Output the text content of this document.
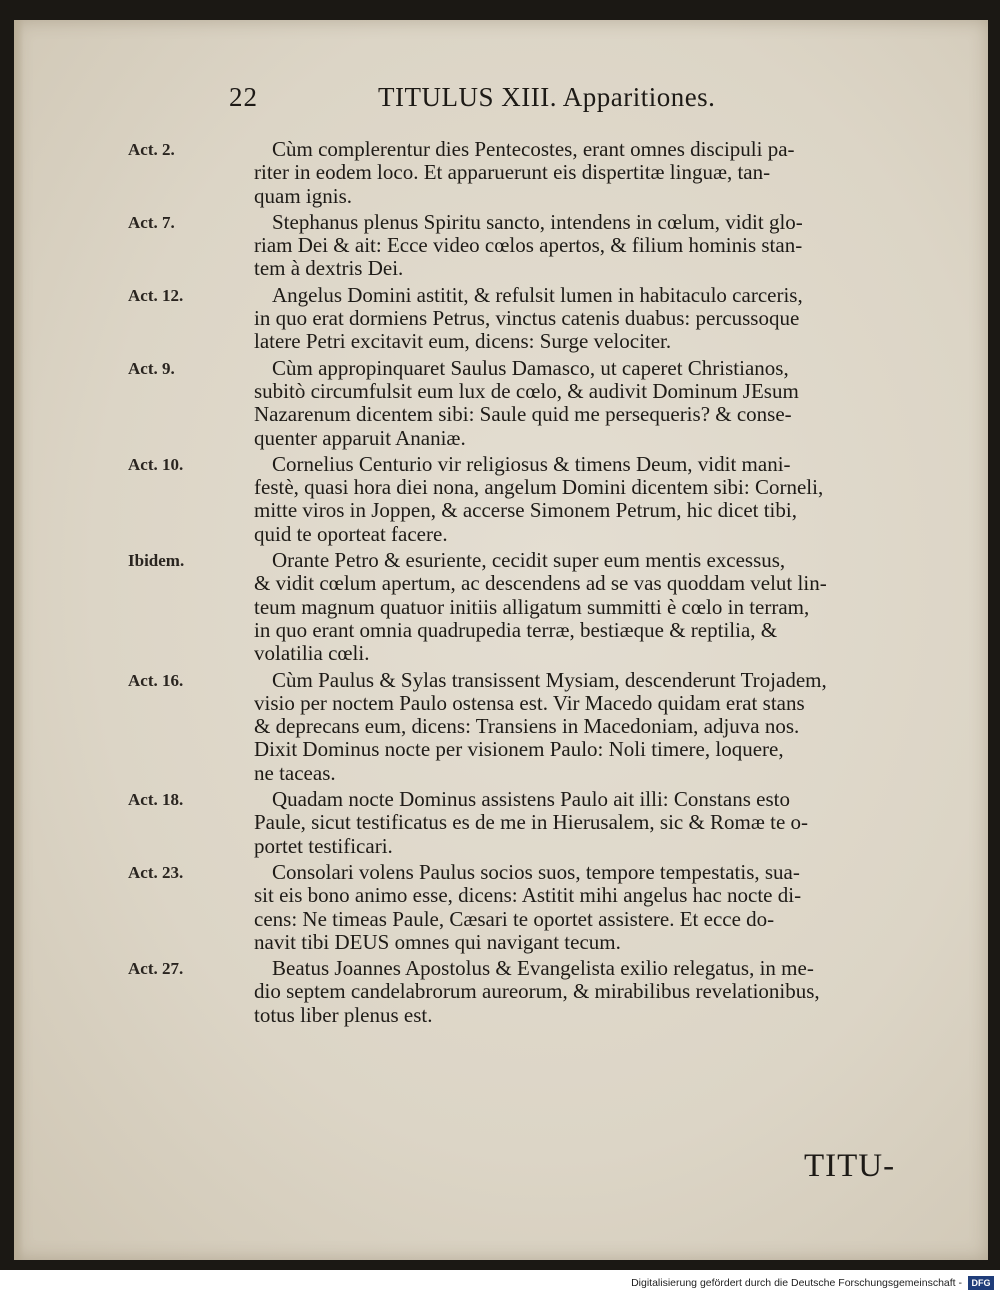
22	TITULUS XIII. Apparitiones.
Act. 2.	Cùm complerentur dies Pentecostes, erant omnes discipuli pa-
riter in eodem loco. Et apparuerunt eis dispertitæ linguæ, tan-
quam ignis.
Act. 7.	Stephanus plenus Spiritu sancto, intendens in cœlum, vidit glo-
riam Dei & ait: Ecce video cœlos apertos, & filium hominis stan-
tem à dextris Dei.
Act. 12.	Angelus Domini astitit, & refulsit lumen in habitaculo carceris,
in quo erat dormiens Petrus, vinctus catenis duabus: percussoque
latere Petri excitavit eum, dicens: Surge velociter.
Act. 9.	Cùm appropinquaret Saulus Damasco, ut caperet Christianos,
subitò circumfulsit eum lux de cœlo, & audivit Dominum JEsum
Nazarenum dicentem sibi: Saule quid me persequeris? & conse-
quenter apparuit Ananiæ.
Act. 10.	Cornelius Centurio vir religiosus & timens Deum, vidit mani-
festè, quasi hora diei nona, angelum Domini dicentem sibi: Corneli,
mitte viros in Joppen, & accerse Simonem Petrum, hic dicet tibi,
quid te oporteat facere.
Ibidem.	Orante Petro & esuriente, cecidit super eum mentis excessus,
& vidit cœlum apertum, ac descendens ad se vas quoddam velut lin-
teum magnum quatuor initiis alligatum summitti è cœlo in terram,
in quo erant omnia quadrupedia terræ, bestiæque & reptilia, &
volatilia cœli.
Act. 16.	Cùm Paulus & Sylas transissent Mysiam, descenderunt Trojadem,
visio per noctem Paulo ostensa est. Vir Macedo quidam erat stans
& deprecans eum, dicens: Transiens in Macedoniam, adjuva nos.
Dixit Dominus nocte per visionem Paulo: Noli timere, loquere,
ne taceas.
Act. 18.	Quadam nocte Dominus assistens Paulo ait illi: Constans esto
Paule, sicut testificatus es de me in Hierusalem, sic & Romæ te o-
portet testificari.
Act. 23.	Consolari volens Paulus socios suos, tempore tempestatis, sua-
sit eis bono animo esse, dicens: Astitit mihi angelus hac nocte di-
cens: Ne timeas Paule, Cæsari te oportet assistere. Et ecce do-
navit tibi DEUS omnes qui navigant tecum.
Act. 27.	Beatus Joannes Apostolus & Evangelista exilio relegatus, in me-
dio septem candelabrorum aureorum, & mirabilibus revelationibus,
totus liber plenus est.
TITU-
Digitalisierung gefördert durch die Deutsche Forschungsgemeinschaft -	DFG
